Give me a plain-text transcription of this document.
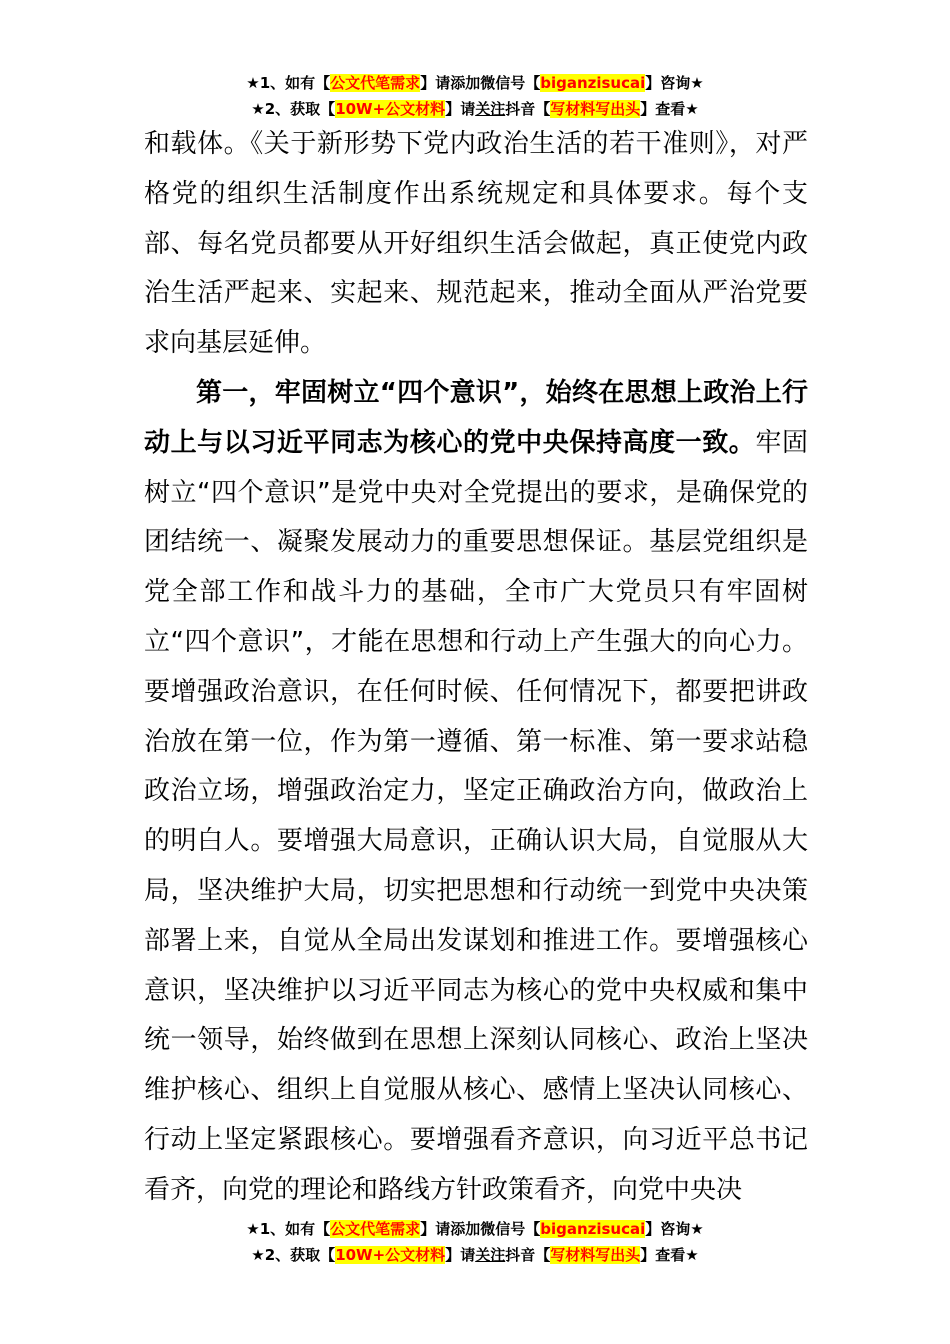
★1、如有【公文代笔需求】请添加微信号【biganzisucai】咨询★
★2、获取【10W+公文材料】请关注抖音【写材料写出头】查看★

和载体。《关于新形势下党内政治生活的若干准则》，对严格党的组织生活制度作出系统规定和具体要求。每个支部、每名党员都要从开好组织生活会做起，真正使党内政治生活严起来、实起来、规范起来，推动全面从严治党要求向基层延伸。

第一，牢固树立“四个意识”，始终在思想上政治上行动上与以习近平同志为核心的党中央保持高度一致。牢固树立“四个意识”是党中央对全党提出的要求，是确保党的团结统一、凝聚发展动力的重要思想保证。基层党组织是党全部工作和战斗力的基础，全市广大党员只有牢固树立“四个意识”，才能在思想和行动上产生强大的向心力。要增强政治意识，在任何时候、任何情况下，都要把讲政治放在第一位，作为第一遵循、第一标准、第一要求站稳政治立场，增强政治定力，坚定正确政治方向，做政治上的明白人。要增强大局意识，正确认识大局，自觉服从大局，坚决维护大局，切实把思想和行动统一到党中央决策部署上来，自觉从全局出发谋划和推进工作。要增强核心意识，坚决维护以习近平同志为核心的党中央权威和集中统一领导，始终做到在思想上深刻认同核心、政治上坚决维护核心、组织上自觉服从核心、感情上坚决认同核心、行动上坚定紧跟核心。要增强看齐意识，向习近平总书记看齐，向党的理论和路线方针政策看齐，向党中央决

★1、如有【公文代笔需求】请添加微信号【biganzisucai】咨询★
★2、获取【10W+公文材料】请关注抖音【写材料写出头】查看★
